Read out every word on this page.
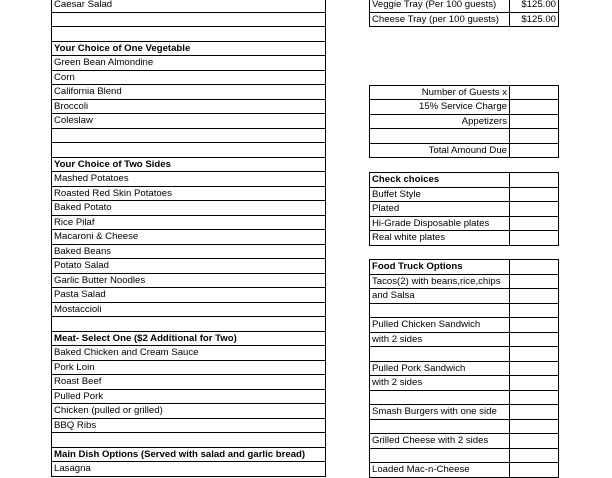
Caesar Salad
Your Choice of One Vegetable
Green Bean Almondine
Corn
California Blend
Broccoli
Coleslaw
Your Choice of Two Sides
Mashed Potatoes
Roasted Red Skin Potatoes
Baked Potato
Rice Pilaf
Macaroni & Cheese
Baked Beans
Potato Salad
Garlic Butter Noodles
Pasta Salad
Mostaccioli
Meat- Select One ($2 Additional for Two)
Baked Chicken and Cream Sauce
Pork Loin
Roast Beef
Pulled Pork
Chicken (pulled or grilled)
BBQ Ribs
Main Dish Options (Served with salad and garlic bread)
Lasagna
Veggie Tray (Per 100 guests)	$125.00
Cheese Tray (per 100 guests)	$125.00
Number of Guests x
15% Service Charge
Appetizers
Total Amound Due
Check choices
Buffet Style
Plated
Hi-Grade Disposable plates
Real white plates
Food Truck Options
Tacos(2) with beans,rice,chips
and Salsa
Pulled Chicken Sandwich
with 2 sides
Pulled Pork Sandwich
with 2 sides
Smash Burgers with one side
Grilled Cheese with 2 sides
Loaded Mac-n-Cheese
